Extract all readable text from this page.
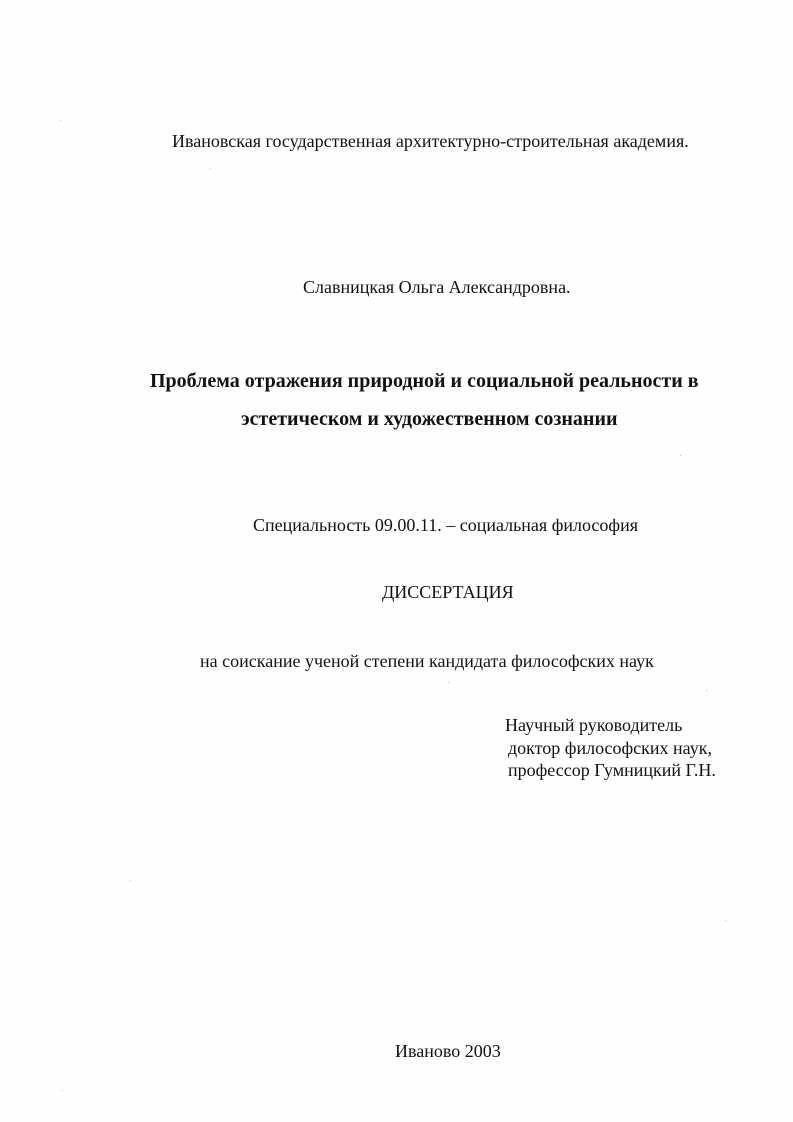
Ивановская государственная архитектурно-строительная академия.
Славницкая Ольга Александровна.
Проблема отражения природной и социальной реальности в
эстетическом и художественном сознании
Специальность 09.00.11. – социальная философия
ДИССЕРТАЦИЯ
на соискание ученой степени кандидата философских наук
Научный руководитель
доктор философских наук,
профессор Гумницкий Г.Н.
Иваново 2003
